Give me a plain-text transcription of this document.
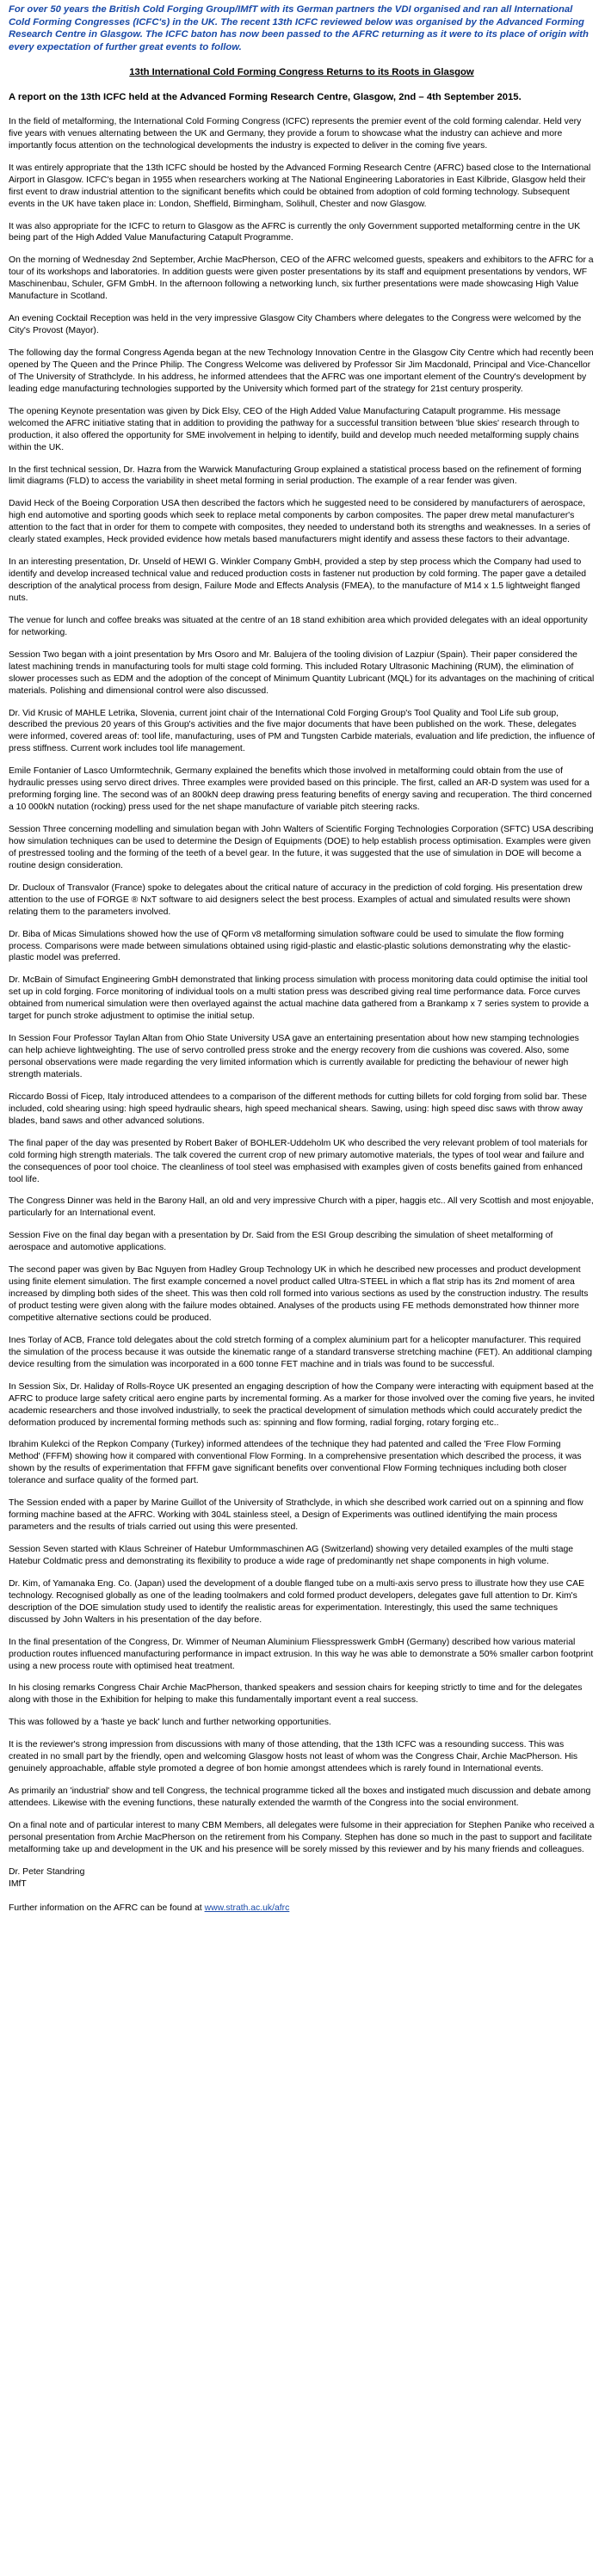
For over 50 years the British Cold Forging Group/IMfT with its German partners the VDI organised and ran all International Cold Forming Congresses (ICFC's) in the UK. The recent 13th ICFC reviewed below was organised by the Advanced Forming Research Centre in Glasgow. The ICFC baton has now been passed to the AFRC returning as it were to its place of origin with every expectation of further great events to follow.

13th International Cold Forming Congress Returns to its Roots in Glasgow

A report on the 13th ICFC held at the Advanced Forming Research Centre, Glasgow, 2nd – 4th September 2015.

In the field of metalforming, the International Cold Forming Congress (ICFC) represents the premier event of the cold forming calendar. Held very five years with venues alternating between the UK and Germany, they provide a forum to showcase what the industry can achieve and more importantly focus attention on the technological developments the industry is expected to deliver in the coming five years.

It was entirely appropriate that the 13th ICFC should be hosted by the Advanced Forming Research Centre (AFRC) based close to the International Airport in Glasgow. ICFC's began in 1955 when researchers working at The National Engineering Laboratories in East Kilbride, Glasgow held their first event to draw industrial attention to the significant benefits which could be obtained from adoption of cold forming technology. Subsequent events in the UK have taken place in: London, Sheffield, Birmingham, Solihull, Chester and now Glasgow.

It was also appropriate for the ICFC to return to Glasgow as the AFRC is currently the only Government supported metalforming centre in the UK being part of the High Added Value Manufacturing Catapult Programme.

On the morning of Wednesday 2nd September, Archie MacPherson, CEO of the AFRC welcomed guests, speakers and exhibitors to the AFRC for a tour of its workshops and laboratories. In addition guests were given poster presentations by its staff and equipment presentations by vendors, WF Maschinenbau, Schuler, GFM GmbH. In the afternoon following a networking lunch, six further presentations were made showcasing High Value Manufacture in Scotland.

An evening Cocktail Reception was held in the very impressive Glasgow City Chambers where delegates to the Congress were welcomed by the City's Provost (Mayor).

The following day the formal Congress Agenda began at the new Technology Innovation Centre in the Glasgow City Centre which had recently been opened by The Queen and the Prince Philip. The Congress Welcome was delivered by Professor Sir Jim Macdonald, Principal and Vice-Chancellor of The University of Strathclyde. In his address, he informed attendees that the AFRC was one important element of the Country's development by leading edge manufacturing technologies supported by the University which formed part of the strategy for 21st century prosperity.

The opening Keynote presentation was given by Dick Elsy, CEO of the High Added Value Manufacturing Catapult programme. His message welcomed the AFRC initiative stating that in addition to providing the pathway for a successful transition between 'blue skies' research through to production, it also offered the opportunity for SME involvement in helping to identify, build and develop much needed metalforming supply chains within the UK.

In the first technical session, Dr. Hazra from the Warwick Manufacturing Group explained a statistical process based on the refinement of forming limit diagrams (FLD) to access the variability in sheet metal forming in serial production. The example of a rear fender was given.

David Heck of the Boeing Corporation USA then described the factors which he suggested need to be considered by manufacturers of aerospace, high end automotive and sporting goods which seek to replace metal components by carbon composites. The paper drew metal manufacturer's attention to the fact that in order for them to compete with composites, they needed to understand both its strengths and weaknesses. In a series of clearly stated examples, Heck provided evidence how metals based manufacturers might identify and assess these factors to their advantage.

In an interesting presentation, Dr. Unseld of HEWI G. Winkler Company GmbH, provided a step by step process which the Company had used to identify and develop increased technical value and reduced production costs in fastener nut production by cold forming. The paper gave a detailed description of the analytical process from design, Failure Mode and Effects Analysis (FMEA), to the manufacture of M14 x 1.5 lightweight flanged nuts.

The venue for lunch and coffee breaks was situated at the centre of an 18 stand exhibition area which provided delegates with an ideal opportunity for networking.

Session Two began with a joint presentation by Mrs Osoro and Mr. Balujera of the tooling division of Lazpiur (Spain). Their paper considered the latest machining trends in manufacturing tools for multi stage cold forming. This included Rotary Ultrasonic Machining (RUM), the elimination of slower processes such as EDM and the adoption of the concept of Minimum Quantity Lubricant (MQL) for its advantages on the machining of critical materials. Polishing and dimensional control were also discussed.

Dr. Vid Krusic of MAHLE Letrika, Slovenia, current joint chair of the International Cold Forging Group's Tool Quality and Tool Life sub group, described the previous 20 years of this Group's activities and the five major documents that have been published on the work. These, delegates were informed, covered areas of: tool life, manufacturing, uses of PM and Tungsten Carbide materials, evaluation and life prediction, the influence of press stiffness. Current work includes tool life management.

Emile Fontanier of Lasco Umformtechnik, Germany explained the benefits which those involved in metalforming could obtain from the use of hydraulic presses using servo direct drives. Three examples were provided based on this principle. The first, called an AR-D system was used for a preforming forging line. The second was of an 800kN deep drawing press featuring benefits of energy saving and recuperation. The third concerned a 10 000kN nutation (rocking) press used for the net shape manufacture of variable pitch steering racks.

Session Three concerning modelling and simulation began with John Walters of Scientific Forging Technologies Corporation (SFTC) USA describing how simulation techniques can be used to determine the Design of Equipments (DOE) to help establish process optimisation. Examples were given of prestressed tooling and the forming of the teeth of a bevel gear. In the future, it was suggested that the use of simulation in DOE will become a routine design consideration.

Dr. Ducloux of Transvalor (France) spoke to delegates about the critical nature of accuracy in the prediction of cold forging. His presentation drew attention to the use of FORGE ® NxT software to aid designers select the best process. Examples of actual and simulated results were shown relating them to the parameters involved.

Dr. Biba of Micas Simulations showed how the use of QForm v8 metalforming simulation software could be used to simulate the flow forming process. Comparisons were made between simulations obtained using rigid-plastic and elastic-plastic solutions demonstrating why the elastic-plastic model was preferred.

Dr. McBain of Simufact Engineering GmbH demonstrated that linking process simulation with process monitoring data could optimise the initial tool set up in cold forging. Force monitoring of individual tools on a multi station press was described giving real time performance data. Force curves obtained from numerical simulation were then overlayed against the actual machine data gathered from a Brankamp x 7 series system to provide a target for punch stroke adjustment to optimise the initial setup.

In Session Four Professor Taylan Altan from Ohio State University USA gave an entertaining presentation about how new stamping technologies can help achieve lightweighting. The use of servo controlled press stroke and the energy recovery from die cushions was covered. Also, some personal observations were made regarding the very limited information which is currently available for predicting the behaviour of newer high strength materials.

Riccardo Bossi of Ficep, Italy introduced attendees to a comparison of the different methods for cutting billets for cold forging from solid bar. These included, cold shearing using: high speed hydraulic shears, high speed mechanical shears. Sawing, using: high speed disc saws with throw away blades, band saws and other advanced solutions.

The final paper of the day was presented by Robert Baker of BOHLER-Uddeholm UK who described the very relevant problem of tool materials for cold forming high strength materials. The talk covered the current crop of new primary automotive materials, the types of tool wear and failure and the consequences of poor tool choice. The cleanliness of tool steel was emphasised with examples given of costs benefits gained from enhanced tool life.

The Congress Dinner was held in the Barony Hall, an old and very impressive Church with a piper, haggis etc.. All very Scottish and most enjoyable, particularly for an International event.

Session Five on the final day began with a presentation by Dr. Said from the ESI Group describing the simulation of sheet metalforming of aerospace and automotive applications.

The second paper was given by Bac Nguyen from Hadley Group Technology UK in which he described new processes and product development using finite element simulation. The first example concerned a novel product called Ultra-STEEL in which a flat strip has its 2nd moment of area increased by dimpling both sides of the sheet. This was then cold roll formed into various sections as used by the construction industry. The results of product testing were given along with the failure modes obtained. Analyses of the products using FE methods demonstrated how thinner more competitive alternative sections could be produced.

Ines Torlay of ACB, France told delegates about the cold stretch forming of a complex aluminium part for a helicopter manufacturer. This required the simulation of the process because it was outside the kinematic range of a standard transverse stretching machine (FET). An additional clamping device resulting from the simulation was incorporated in a 600 tonne FET machine and in trials was found to be successful.

In Session Six, Dr. Haliday of Rolls-Royce UK presented an engaging description of how the Company were interacting with equipment based at the AFRC to produce large safety critical aero engine parts by incremental forming. As a marker for those involved over the coming five years, he invited academic researchers and those involved industrially, to seek the practical development of simulation methods which could accurately predict the deformation produced by incremental forming methods such as: spinning and flow forming, radial forging, rotary forging etc..

Ibrahim Kulekci of the Repkon Company (Turkey) informed attendees of the technique they had patented and called the 'Free Flow Forming Method' (FFFM) showing how it compared with conventional Flow Forming. In a comprehensive presentation which described the process, it was shown by the results of experimentation that FFFM gave significant benefits over conventional Flow Forming techniques including both closer tolerance and surface quality of the formed part.

The Session ended with a paper by Marine Guillot of the University of Strathclyde, in which she described work carried out on a spinning and flow forming machine based at the AFRC. Working with 304L stainless steel, a Design of Experiments was outlined identifying the main process parameters and the results of trials carried out using this were presented.

Session Seven started with Klaus Schreiner of Hatebur Umformmaschinen AG (Switzerland) showing very detailed examples of the multi stage Hatebur Coldmatic press and demonstrating its flexibility to produce a wide rage of predominantly net shape components in high volume.

Dr. Kim, of Yamanaka Eng. Co. (Japan) used the development of a double flanged tube on a multi-axis servo press to illustrate how they use CAE technology. Recognised globally as one of the leading toolmakers and cold formed product developers, delegates gave full attention to Dr. Kim's description of the DOE simulation study used to identify the realistic areas for experimentation. Interestingly, this used the same techniques discussed by John Walters in his presentation of the day before.

In the final presentation of the Congress, Dr. Wimmer of Neuman Aluminium Fliesspresswerk GmbH (Germany) described how various material production routes influenced manufacturing performance in impact extrusion. In this way he was able to demonstrate a 50% smaller carbon footprint using a new process route with optimised heat treatment.

In his closing remarks Congress Chair Archie MacPherson, thanked speakers and session chairs for keeping strictly to time and for the delegates along with those in the Exhibition for helping to make this fundamentally important event a real success.

This was followed by a 'haste ye back' lunch and further networking opportunities.

It is the reviewer's strong impression from discussions with many of those attending, that the 13th ICFC was a resounding success. This was created in no small part by the friendly, open and welcoming Glasgow hosts not least of whom was the Congress Chair, Archie MacPherson. His genuinely approachable, affable style promoted a degree of bon homie amongst attendees which is rarely found in International events.

As primarily an 'industrial' show and tell Congress, the technical programme ticked all the boxes and instigated much discussion and debate among attendees. Likewise with the evening functions, these naturally extended the warmth of the Congress into the social environment.

On a final note and of particular interest to many CBM Members, all delegates were fulsome in their appreciation for Stephen Panike who received a personal presentation from Archie MacPherson on the retirement from his Company. Stephen has done so much in the past to support and facilitate metalforming take up and development in the UK and his presence will be sorely missed by this reviewer and by his many friends and colleagues.

Dr. Peter Standring
IMfT

Further information on the AFRC can be found at www.strath.ac.uk/afrc
